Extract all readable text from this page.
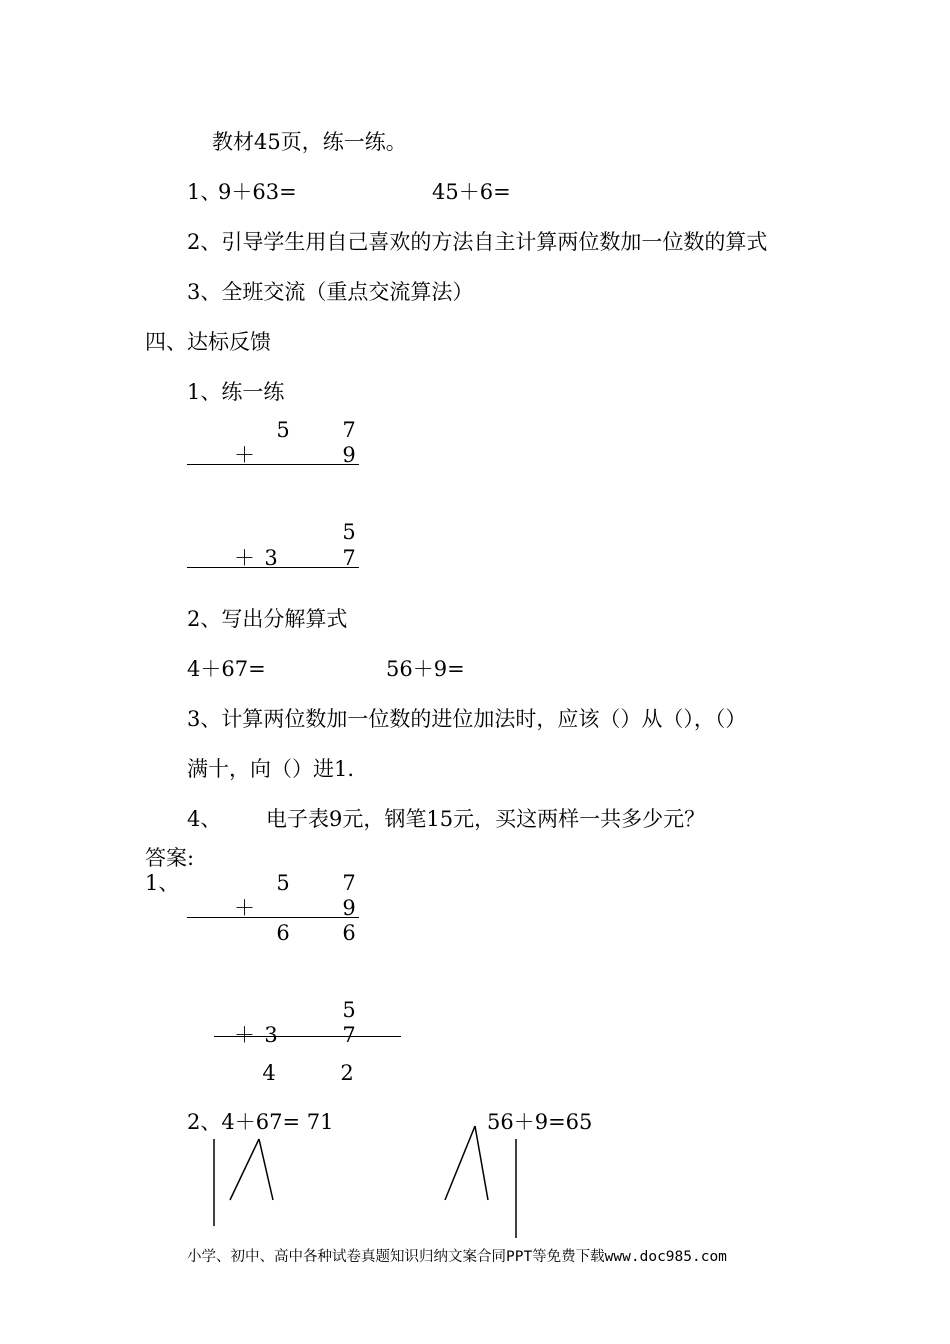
教材45页，练一练。
1、
9＋63=	45＋6=
2、引导学生用自己喜欢的方法自主计算两位数加一位数的算式
3、全班交流（重点交流算法）
四、达标反馈
1、练一练
5	7
＋	9
5
＋ 3	7
2、写出分解算式
4＋67=	56＋9=
3、计算两位数加一位数的进位加法时，应该（）从（），（）
满十，向（）进1.
4、 电子表9元，钢笔15元，买这两样一共多少元？
答案:
1、	5	7
＋	9
6	6
5
＋ 3	7
4	2
2、4＋67= 71	56＋9=65
小学、初中、高中各种试卷真题知识归纳文案合同PPT等免费下载www.doc985.com
